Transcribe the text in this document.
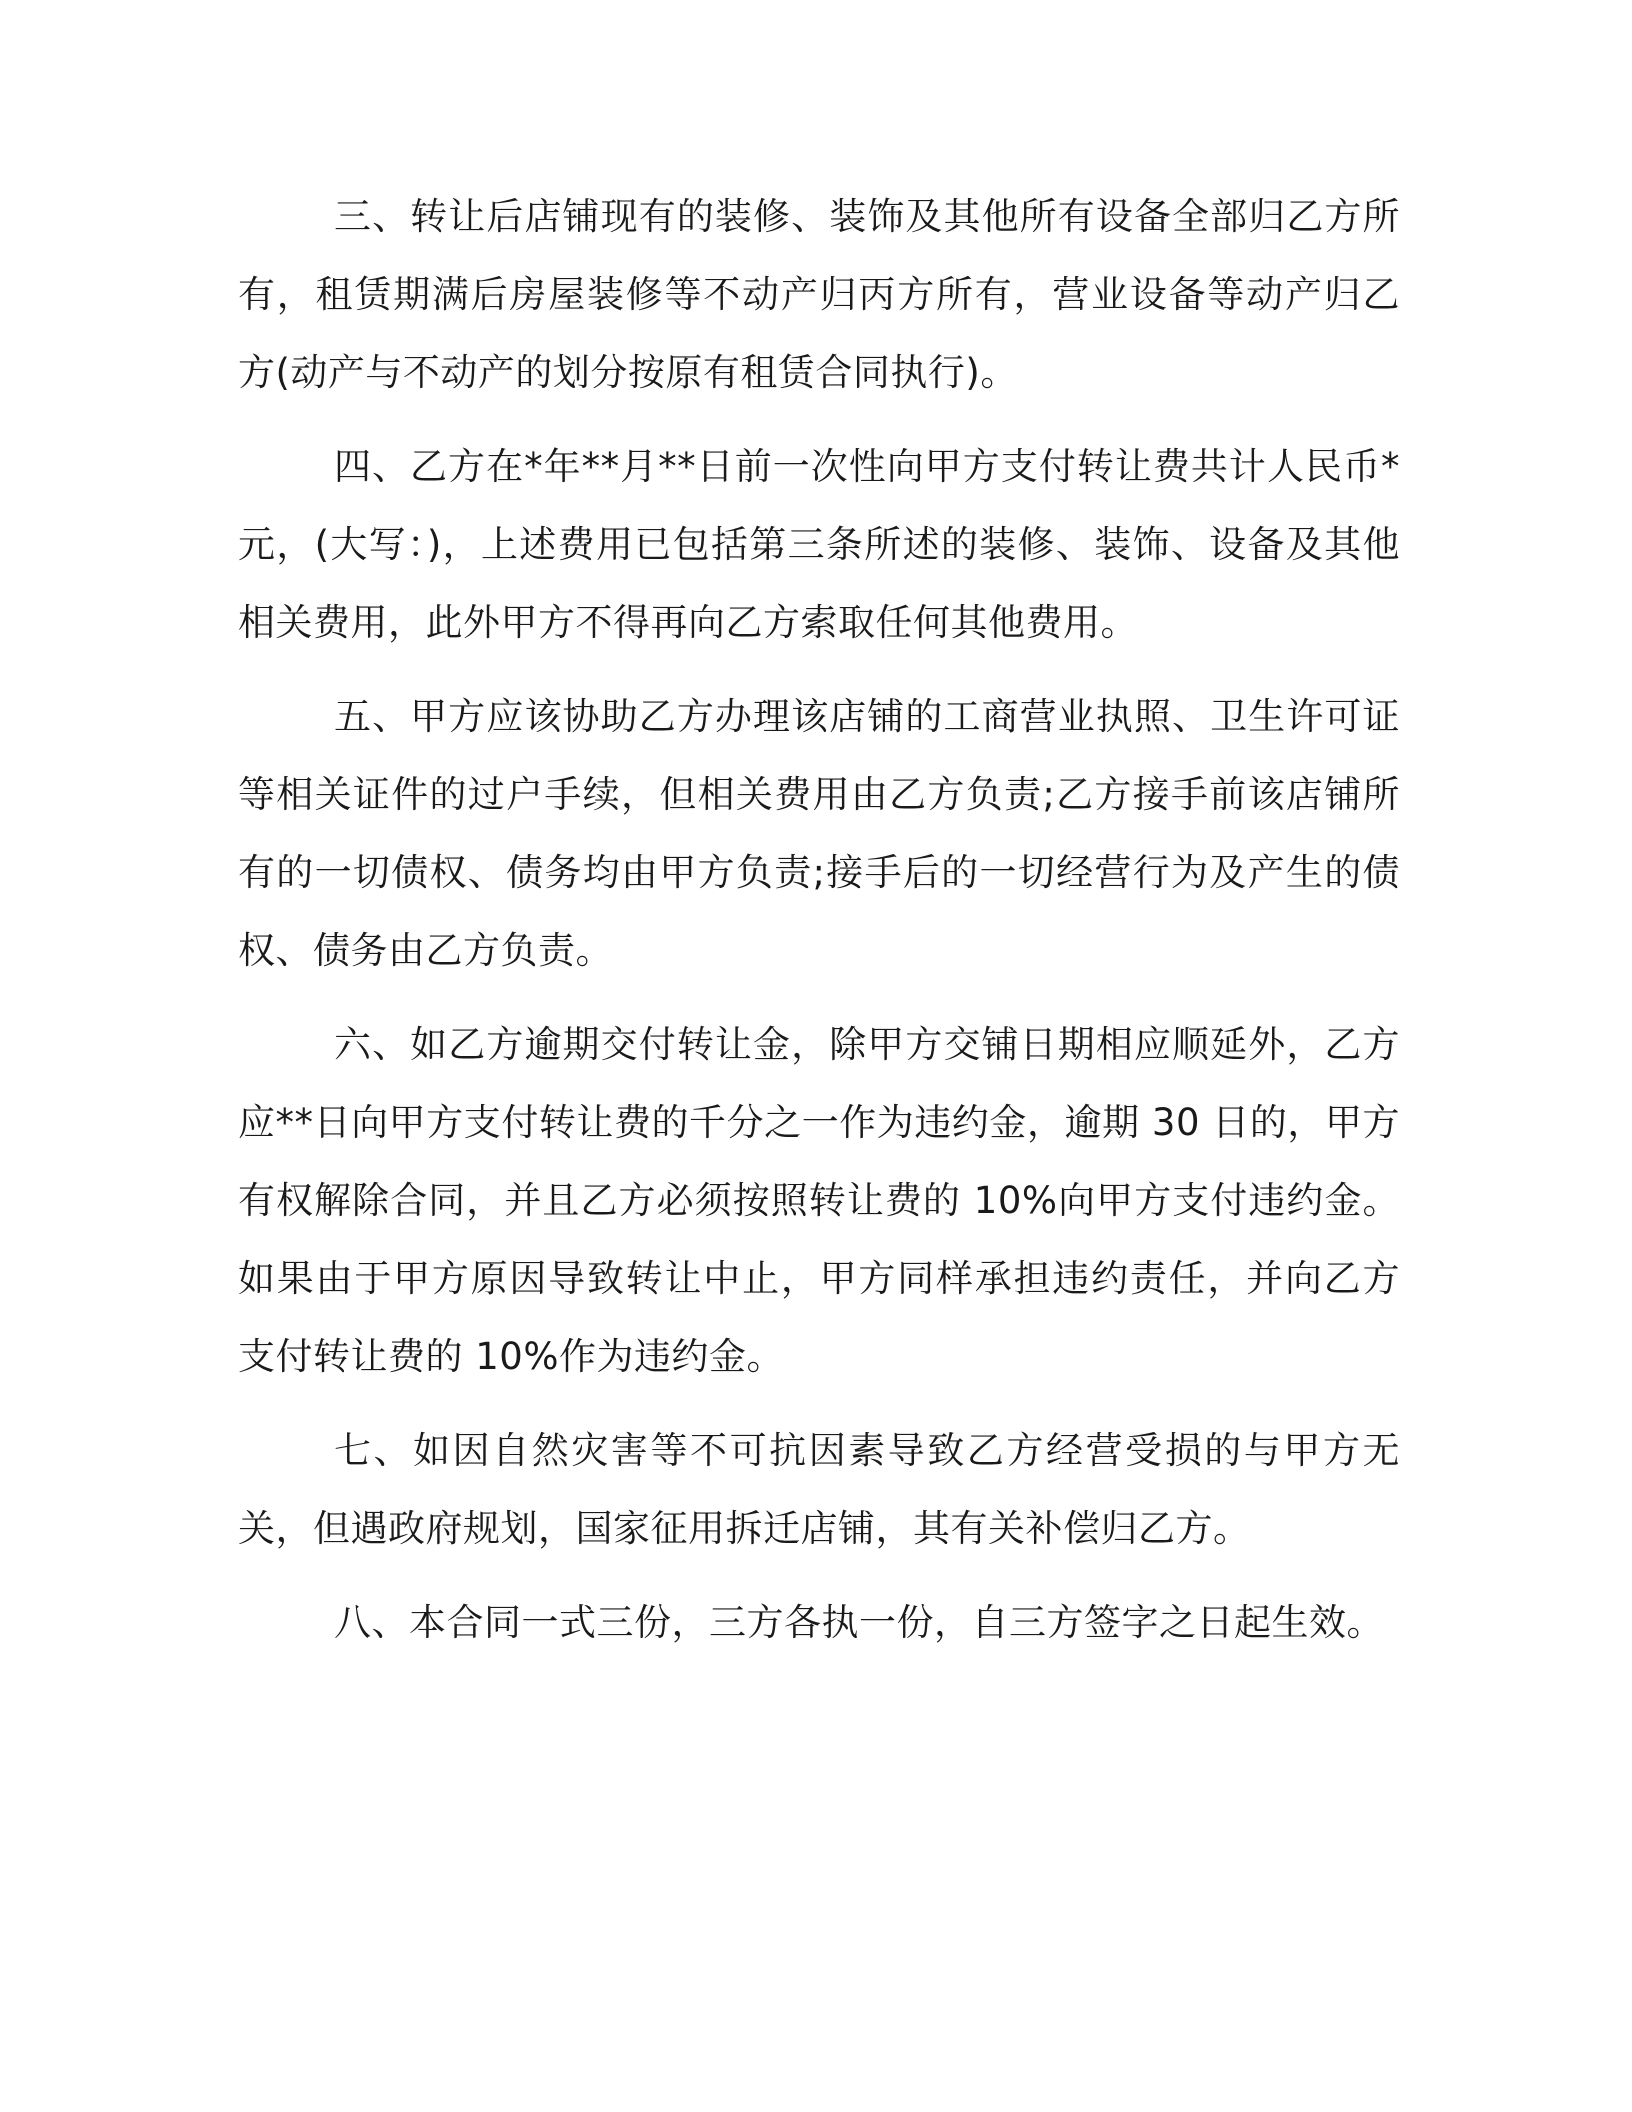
三、转让后店铺现有的装修、装饰及其他所有设备全部归乙方所有，租赁期满后房屋装修等不动产归丙方所有，营业设备等动产归乙方(动产与不动产的划分按原有租赁合同执行)。

四、乙方在*年**月**日前一次性向甲方支付转让费共计人民币*元，(大写：)，上述费用已包括第三条所述的装修、装饰、设备及其他相关费用，此外甲方不得再向乙方索取任何其他费用。

五、甲方应该协助乙方办理该店铺的工商营业执照、卫生许可证等相关证件的过户手续，但相关费用由乙方负责;乙方接手前该店铺所有的一切债权、债务均由甲方负责;接手后的一切经营行为及产生的债权、债务由乙方负责。

六、如乙方逾期交付转让金，除甲方交铺日期相应顺延外，乙方应**日向甲方支付转让费的千分之一作为违约金，逾期 30 日的，甲方有权解除合同，并且乙方必须按照转让费的 10%向甲方支付违约金。如果由于甲方原因导致转让中止，甲方同样承担违约责任，并向乙方支付转让费的 10%作为违约金。

七、如因自然灾害等不可抗因素导致乙方经营受损的与甲方无关，但遇政府规划，国家征用拆迁店铺，其有关补偿归乙方。

八、本合同一式三份，三方各执一份，自三方签字之日起生效。
